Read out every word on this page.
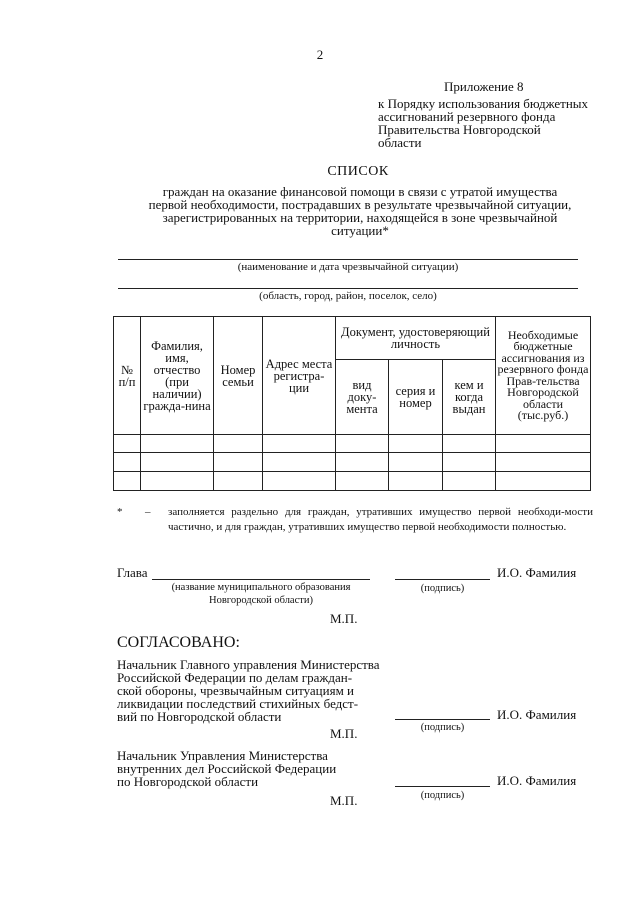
2
Приложение 8
к Порядку использования бюджетных
ассигнований резервного фонда
Правительства Новгородской
области
СПИСОК
граждан на оказание финансовой помощи в связи с утратой имущества
первой необходимости, пострадавших в результате чрезвычайной ситуации,
зарегистрированных на территории, находящейся в зоне чрезвычайной
ситуации*
(наименование и дата чрезвычайной ситуации)
(область, город, район, поселок, село)
№ п/п	Фамилия, имя, отчество (при наличии) гражда-нина	Номер семьи	Адрес места регистра-ции	Документ, удостоверяющий личность			Необходимые бюджетные ассигнования из резервного фонда Прав-тельства Новгородской области (тыс.руб.)
				вид доку-мента	серия и номер	кем и когда выдан	

* – заполняется раздельно для граждан, утративших имущество первой необходи-мости частично, и для граждан, утративших имущество первой необходимости полностью.
Глава
(название муниципального образования
Новгородской области)
(подпись)
И.О. Фамилия
М.П.
СОГЛАСОВАНО:
Начальник Главного управления Министерства
Российской Федерации по делам граждан-
ской обороны, чрезвычайным ситуациям и
ликвидации последствий стихийных бедст-
вий по Новгородской области
(подпись)
И.О. Фамилия
М.П.
Начальник Управления Министерства
внутренних дел Российской Федерации
по Новгородской области
(подпись)
И.О. Фамилия
М.П.
